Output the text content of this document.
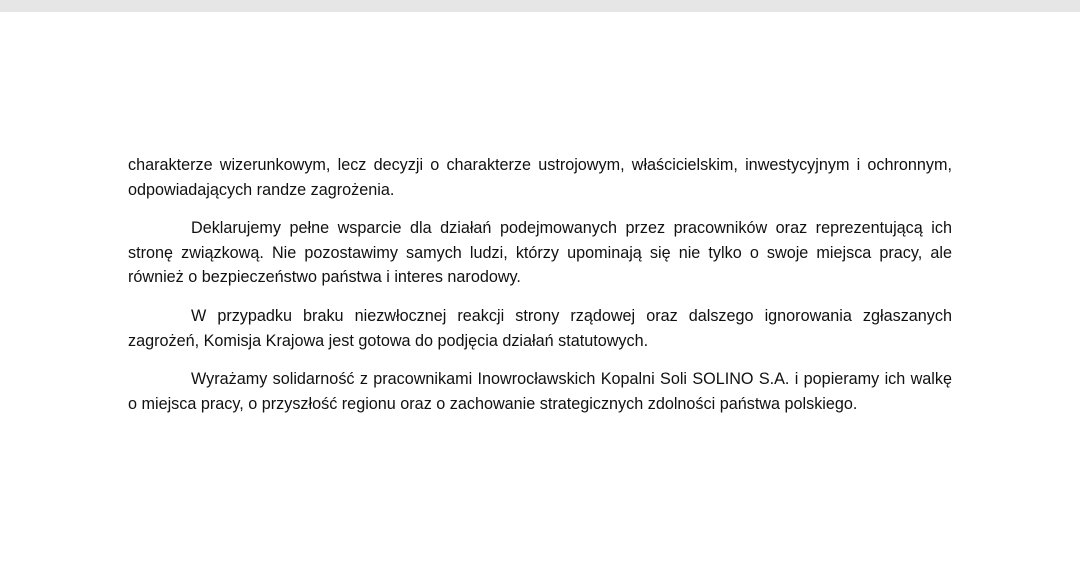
charakterze wizerunkowym, lecz decyzji o charakterze ustrojowym, właścicielskim, inwestycyjnym i ochronnym, odpowiadających randze zagrożenia.

Deklarujemy pełne wsparcie dla działań podejmowanych przez pracowników oraz reprezentującą ich stronę związkową. Nie pozostawimy samych ludzi, którzy upominają się nie tylko o swoje miejsca pracy, ale również o bezpieczeństwo państwa i interes narodowy.

W przypadku braku niezwłocznej reakcji strony rządowej oraz dalszego ignorowania zgłaszanych zagrożeń, Komisja Krajowa jest gotowa do podjęcia działań statutowych.

Wyrażamy solidarność z pracownikami Inowrocławskich Kopalni Soli SOLINO S.A. i popieramy ich walkę o miejsca pracy, o przyszłość regionu oraz o zachowanie strategicznych zdolności państwa polskiego.
